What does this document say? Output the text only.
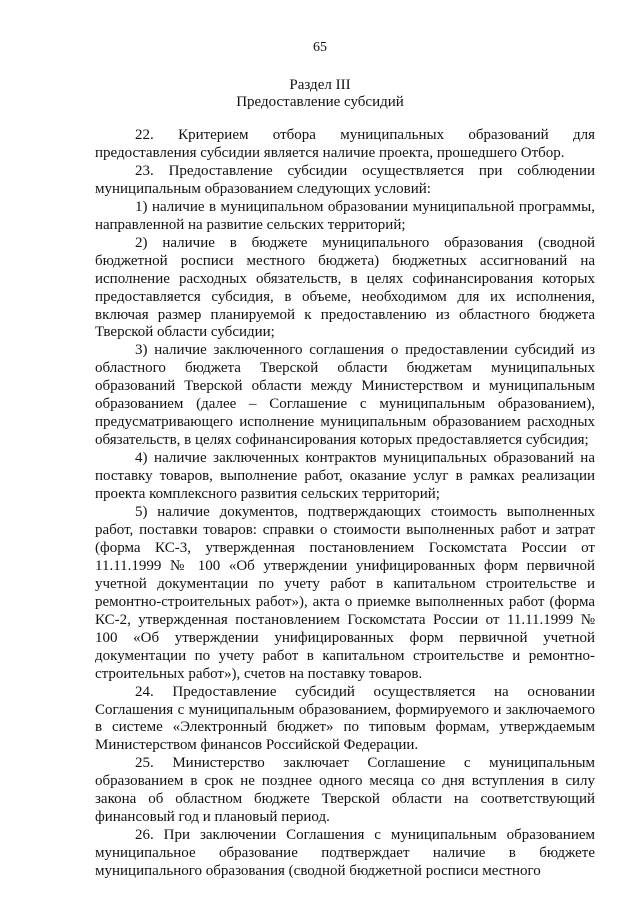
65
Раздел III
Предоставление субсидий

22. Критерием отбора муниципальных образований для предоставления субсидии является наличие проекта, прошедшего Отбор.

23. Предоставление субсидии осуществляется при соблюдении муниципальным образованием следующих условий:

1) наличие в муниципальном образовании муниципальной программы, направленной на развитие сельских территорий;

2) наличие в бюджете муниципального образования (сводной бюджетной росписи местного бюджета) бюджетных ассигнований на исполнение расходных обязательств, в целях софинансирования которых предоставляется субсидия, в объеме, необходимом для их исполнения, включая размер планируемой к предоставлению из областного бюджета Тверской области субсидии;

3) наличие заключенного соглашения о предоставлении субсидий из областного бюджета Тверской области бюджетам муниципальных образований Тверской области между Министерством и муниципальным образованием (далее – Соглашение с муниципальным образованием), предусматривающего исполнение муниципальным образованием расходных обязательств, в целях софинансирования которых предоставляется субсидия;

4) наличие заключенных контрактов муниципальных образований на поставку товаров, выполнение работ, оказание услуг в рамках реализации проекта комплексного развития сельских территорий;

5) наличие документов, подтверждающих стоимость выполненных работ, поставки товаров: справки о стоимости выполненных работ и затрат (форма КС-3, утвержденная постановлением Госкомстата России от 11.11.1999 № 100 «Об утверждении унифицированных форм первичной учетной документации по учету работ в капитальном строительстве и ремонтно-строительных работ»), акта о приемке выполненных работ (форма КС-2, утвержденная постановлением Госкомстата России от 11.11.1999 № 100 «Об утверждении унифицированных форм первичной учетной документации по учету работ в капитальном строительстве и ремонтно-строительных работ»), счетов на поставку товаров.

24. Предоставление субсидий осуществляется на основании Соглашения с муниципальным образованием, формируемого и заключаемого в системе «Электронный бюджет» по типовым формам, утверждаемым Министерством финансов Российской Федерации.

25. Министерство заключает Соглашение с муниципальным образованием в срок не позднее одного месяца со дня вступления в силу закона об областном бюджете Тверской области на соответствующий финансовый год и плановый период.

26. При заключении Соглашения с муниципальным образованием муниципальное образование подтверждает наличие в бюджете муниципального образования (сводной бюджетной росписи местного
